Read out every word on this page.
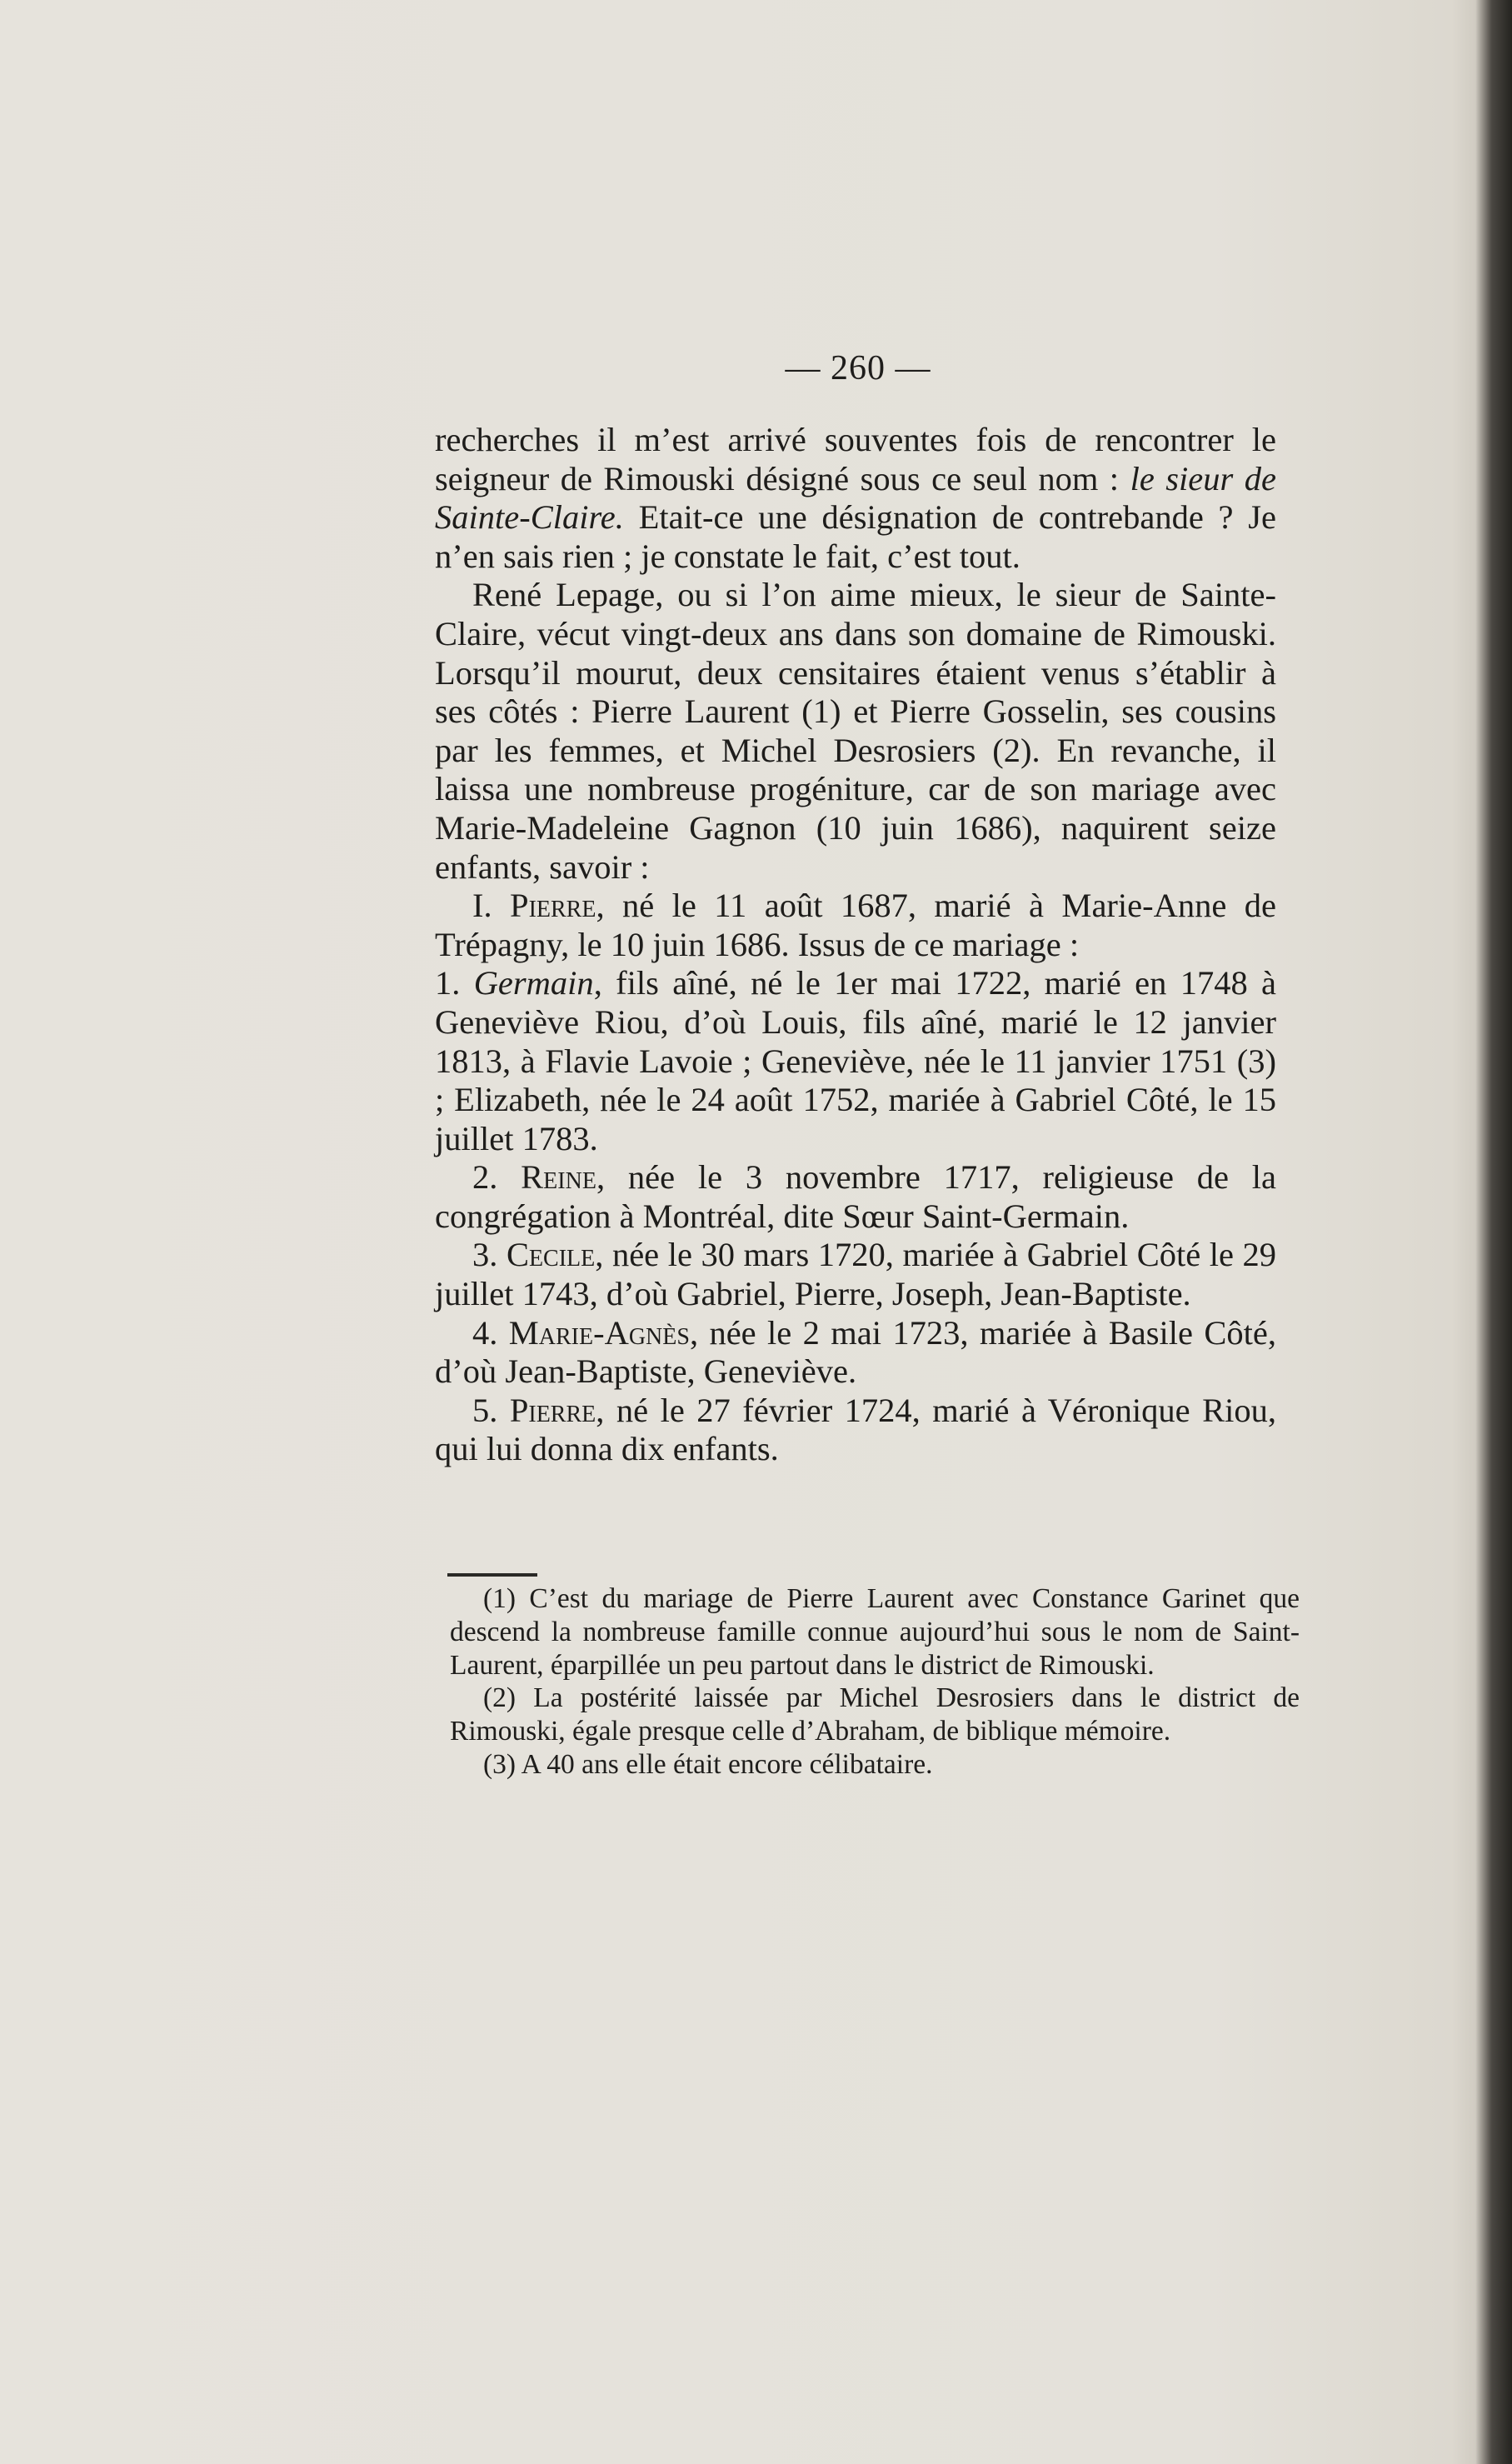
— 260 —

recherches il m’est arrivé souventes fois de rencontrer le seigneur de Rimouski désigné sous ce seul nom : le sieur de Sainte-Claire. Etait-ce une désignation de contrebande ? Je n’en sais rien ; je constate le fait, c’est tout.

René Lepage, ou si l’on aime mieux, le sieur de Sainte-Claire, vécut vingt-deux ans dans son domaine de Rimouski. Lorsqu’il mourut, deux censitaires étaient venus s’établir à ses côtés : Pierre Laurent (1) et Pierre Gosselin, ses cousins par les femmes, et Michel Desrosiers (2). En revanche, il laissa une nombreuse progéniture, car de son mariage avec Marie-Madeleine Gagnon (10 juin 1686), naquirent seize enfants, savoir :

I. Pierre, né le 11 août 1687, marié à Marie-Anne de Trépagny, le 10 juin 1686. Issus de ce mariage :

1. Germain, fils aîné, né le 1er mai 1722, marié en 1748 à Geneviève Riou, d’où Louis, fils aîné, marié le 12 janvier 1813, à Flavie Lavoie ; Geneviève, née le 11 janvier 1751 (3) ; Elizabeth, née le 24 août 1752, mariée à Gabriel Côté, le 15 juillet 1783.

2. Reine, née le 3 novembre 1717, religieuse de la congrégation à Montréal, dite Sœur Saint-Germain.

3. Cecile, née le 30 mars 1720, mariée à Gabriel Côté le 29 juillet 1743, d’où Gabriel, Pierre, Joseph, Jean-Baptiste.

4. Marie-Agnès, née le 2 mai 1723, mariée à Basile Côté, d’où Jean-Baptiste, Geneviève.

5. Pierre, né le 27 février 1724, marié à Véronique Riou, qui lui donna dix enfants.

(1) C’est du mariage de Pierre Laurent avec Constance Garinet que descend la nombreuse famille connue aujourd’hui sous le nom de Saint-Laurent, éparpillée un peu partout dans le district de Rimouski.

(2) La postérité laissée par Michel Desrosiers dans le district de Rimouski, égale presque celle d’Abraham, de biblique mémoire.

(3) A 40 ans elle était encore célibataire.
